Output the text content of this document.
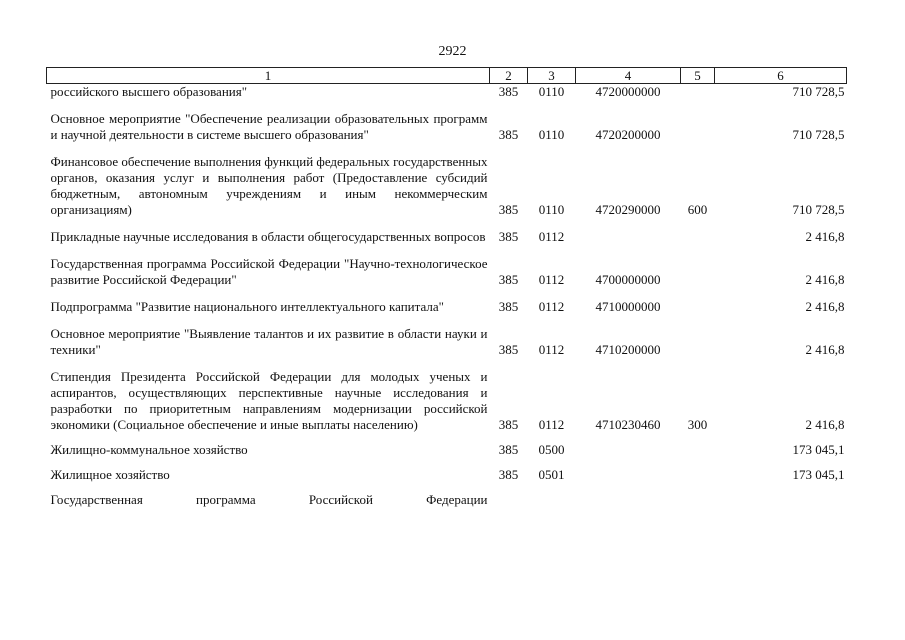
2922
1	2	3	4	5	6
российского высшего образования"	385	0110	4720000000		710 728,5
Основное мероприятие "Обеспечение реализации образовательных программ и научной деятельности в системе высшего образования"	385	0110	4720200000		710 728,5
Финансовое обеспечение выполнения функций федеральных государственных органов, оказания услуг и выполнения работ (Предоставление субсидий бюджетным, автономным учреждениям и иным некоммерческим организациям)	385	0110	4720290000	600	710 728,5
Прикладные научные исследования в области общегосударственных вопросов	385	0112			2 416,8
Государственная программа Российской Федерации "Научно-технологическое развитие Российской Федерации"	385	0112	4700000000		2 416,8
Подпрограмма "Развитие национального интеллектуального капитала"	385	0112	4710000000		2 416,8
Основное мероприятие "Выявление талантов и их развитие в области науки и техники"	385	0112	4710200000		2 416,8
Стипендия Президента Российской Федерации для молодых ученых и аспирантов, осуществляющих перспективные научные исследования и разработки по приоритетным направлениям модернизации российской экономики (Социальное обеспечение и иные выплаты населению)	385	0112	4710230460	300	2 416,8
Жилищно-коммунальное хозяйство	385	0500			173 045,1
Жилищное хозяйство	385	0501			173 045,1
Государственная программа Российской Федерации					
